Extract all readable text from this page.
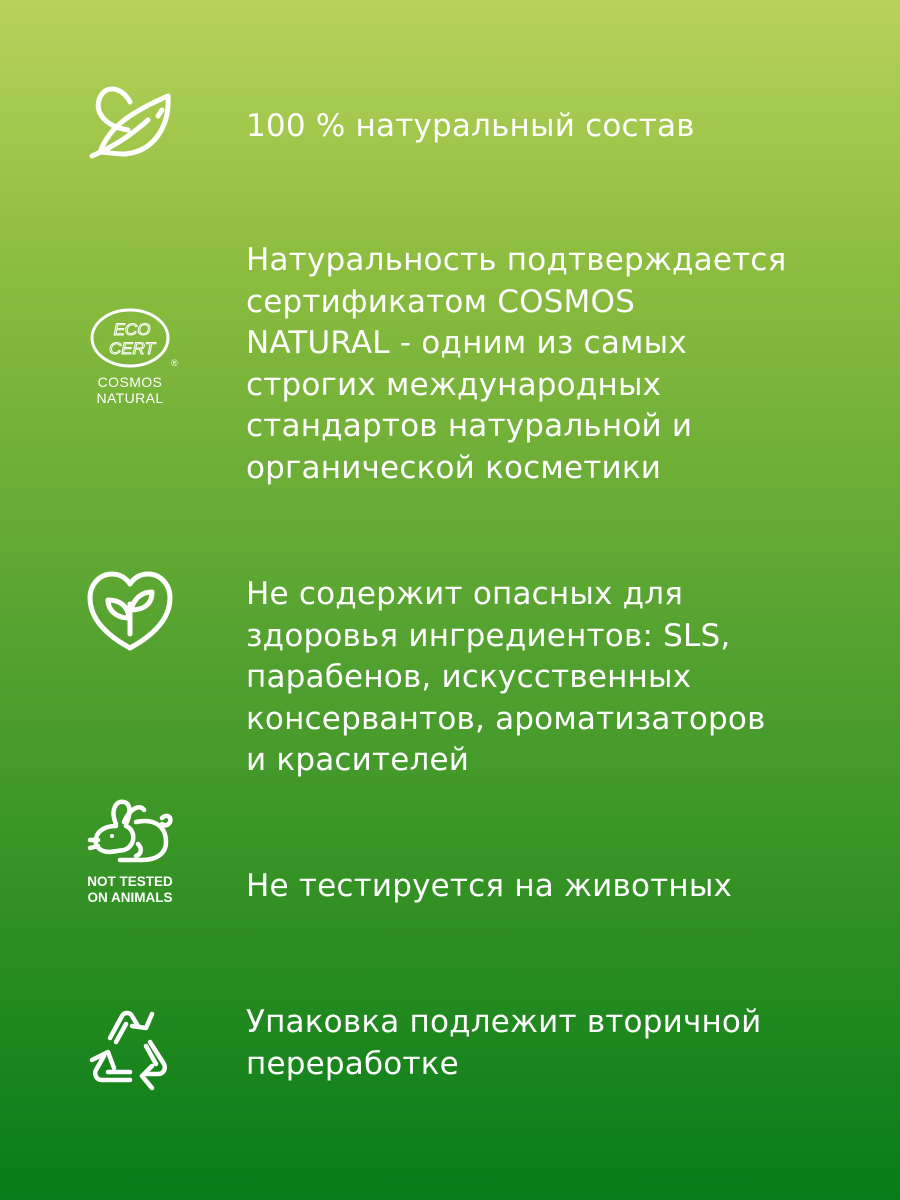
100 % натуральный состав

ECO
CERT
®
COSMOS
NATURAL

Натуральность подтверждается
сертификатом COSMOS
NATURAL - одним из самых
строгих международных
стандартов натуральной и
органической косметики

Не содержит опасных для
здоровья ингредиентов: SLS,
парабенов, искусственных
консервантов, ароматизаторов
и красителей

NOT TESTED
ON ANIMALS Не тестируется на животных

Упаковка подлежит вторичной
переработке
